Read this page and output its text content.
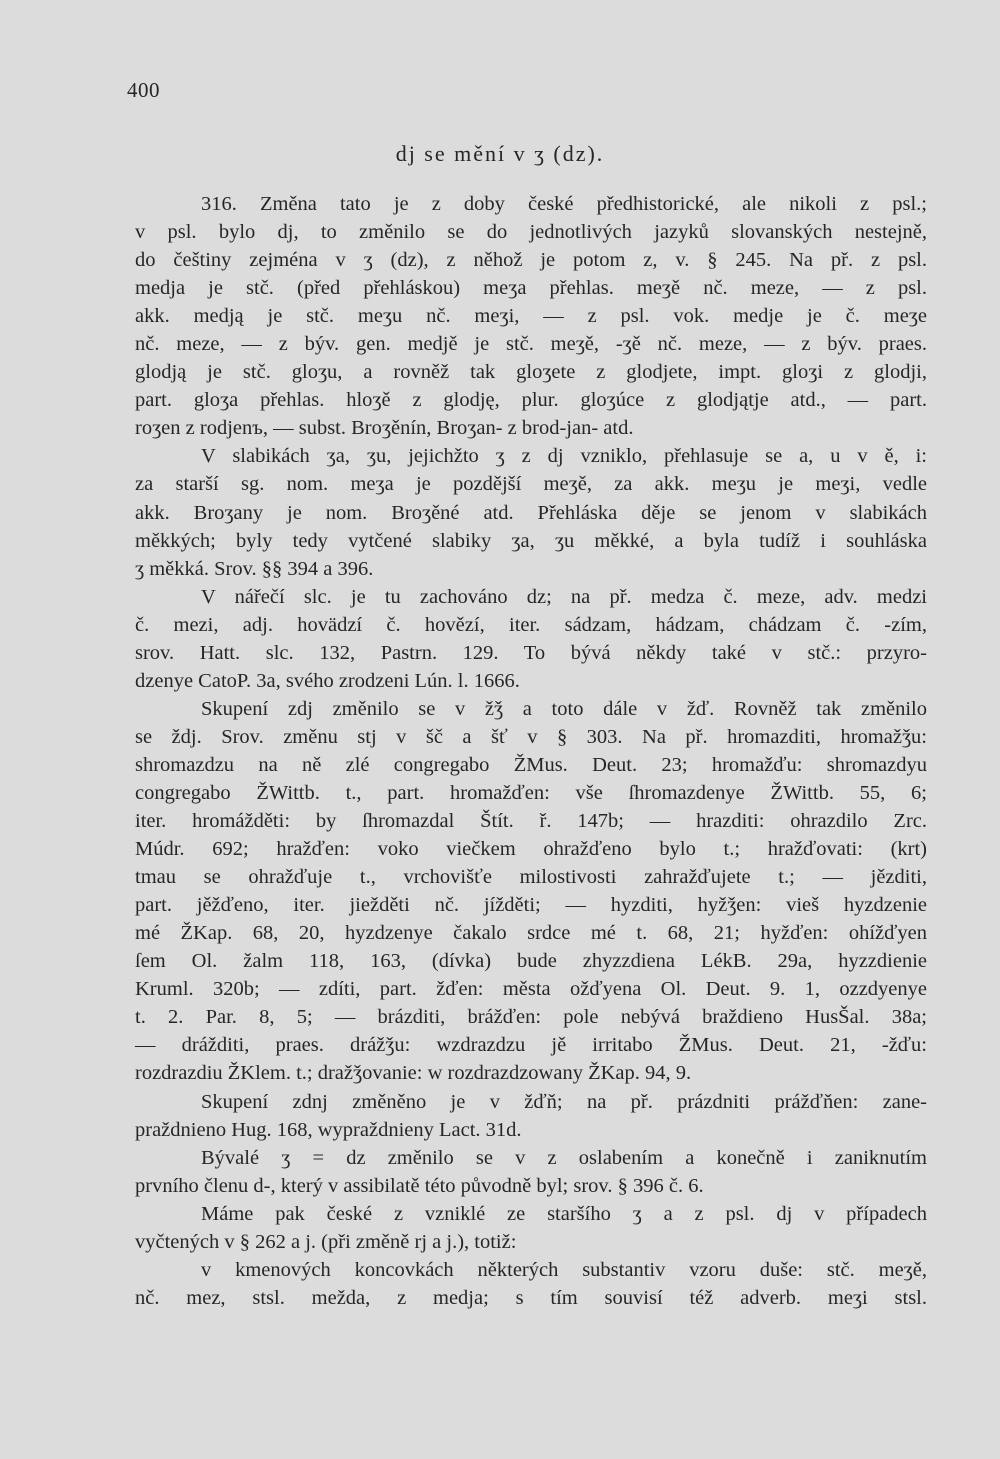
400
dj se mění v ʒ (dz).
316. Změna tato je z doby české předhistorické, ale nikoli z psl.;
v psl. bylo dj, to změnilo se do jednotlivých jazyků slovanských nestejně,
do češtiny zejména v ʒ (dz), z něhož je potom z, v. § 245. Na př. z psl.
medja je stč. (před přehláskou) meʒa přehlas. meʒě nč. meze, — z psl.
akk. medją je stč. meʒu nč. meʒi, — z psl. vok. medje je č. meʒe
nč. meze, — z býv. gen. medjě je stč. meʒě, -ʒě nč. meze, — z býv. praes.
glodją je stč. gloʒu, a rovněž tak gloʒete z glodjete, impt. gloʒi z glodji,
part. gloʒa přehlas. hloʒě z glodję, plur. gloʒúce z glodjątje atd., — part.
roʒen z rodjenъ, — subst. Broʒěnín, Broʒan- z brod-jan- atd.
V slabikách ʒa, ʒu, jejichžto ʒ z dj vzniklo, přehlasuje se a, u v ě, i:
za starší sg. nom. meʒa je pozdější meʒě, za akk. meʒu je meʒi, vedle
akk. Broʒany je nom. Broʒěné atd. Přehláska děje se jenom v slabikách
měkkých; byly tedy vytčené slabiky ʒa, ʒu měkké, a byla tudíž i souhláska
ʒ měkká. Srov. §§ 394 a 396.
V nářečí slc. je tu zachováno dz; na př. medza č. meze, adv. medzi
č. mezi, adj. hovädzí č. hovězí, iter. sádzam, hádzam, chádzam č. -zím,
srov. Hatt. slc. 132, Pastrn. 129. To bývá někdy také v stč.: przyro-
dzenye CatoP. 3a, svého zrodzeni Lún. l. 1666.
Skupení zdj změnilo se v žǯ a toto dále v žď. Rovněž tak změnilo
se ždj. Srov. změnu stj v šč a šť v § 303. Na př. hromazditi, hromažǯu:
shromazdzu na ně zlé congregabo ŽMus. Deut. 23; hromažďu: shromazdyu
congregabo ŽWittb. t., part. hromažďen: vše ſhromazdenye ŽWittb. 55, 6;
iter. hromážděti: by ſhromazdal Štít. ř. 147b; — hrazditi: ohrazdilo Zrc.
Múdr. 692; hražďen: voko viečkem ohražďeno bylo t.; hražďovati: (krt)
tmau se ohražďuje t., vrchovišťe milostivosti zahražďujete t.; — jězditi,
part. jěžďeno, iter. jiežděti nč. jížděti; — hyzditi, hyžǯen: vieš hyzdzenie
mé ŽKap. 68, 20, hyzdzenye čakalo srdce mé t. 68, 21; hyžďen: ohížďyen
ſem Ol. žalm 118, 163, (dívka) bude zhyzzdiena LékB. 29a, hyzzdienie
Kruml. 320b; — zdíti, part. žďen: města ožďyena Ol. Deut. 9. 1, ozzdyenye
t. 2. Par. 8, 5; — brázditi, brážďen: pole nebývá braždieno HusŠal. 38a;
— drážditi, praes. drážǯu: wzdrazdzu jě irritabo ŽMus. Deut. 21, -žďu:
rozdrazdiu ŽKlem. t.; dražǯovanie: w rozdrazdzowany ŽKap. 94, 9.
Skupení zdnj změněno je v žďň; na př. prázdniti prážďňen: zane-
praždnieno Hug. 168, wypraždnieny Lact. 31d.
Bývalé ʒ = dz změnilo se v z oslabením a konečně i zaniknutím
prvního členu d-, který v assibilatě této původně byl; srov. § 396 č. 6.
Máme pak české z vzniklé ze staršího ʒ a z psl. dj v případech
vyčtených v § 262 a j. (při změně rj a j.), totiž:
v kmenových koncovkách některých substantiv vzoru duše: stč. meʒě,
nč. mez, stsl. mežda, z medja; s tím souvisí též adverb. meʒi stsl.
